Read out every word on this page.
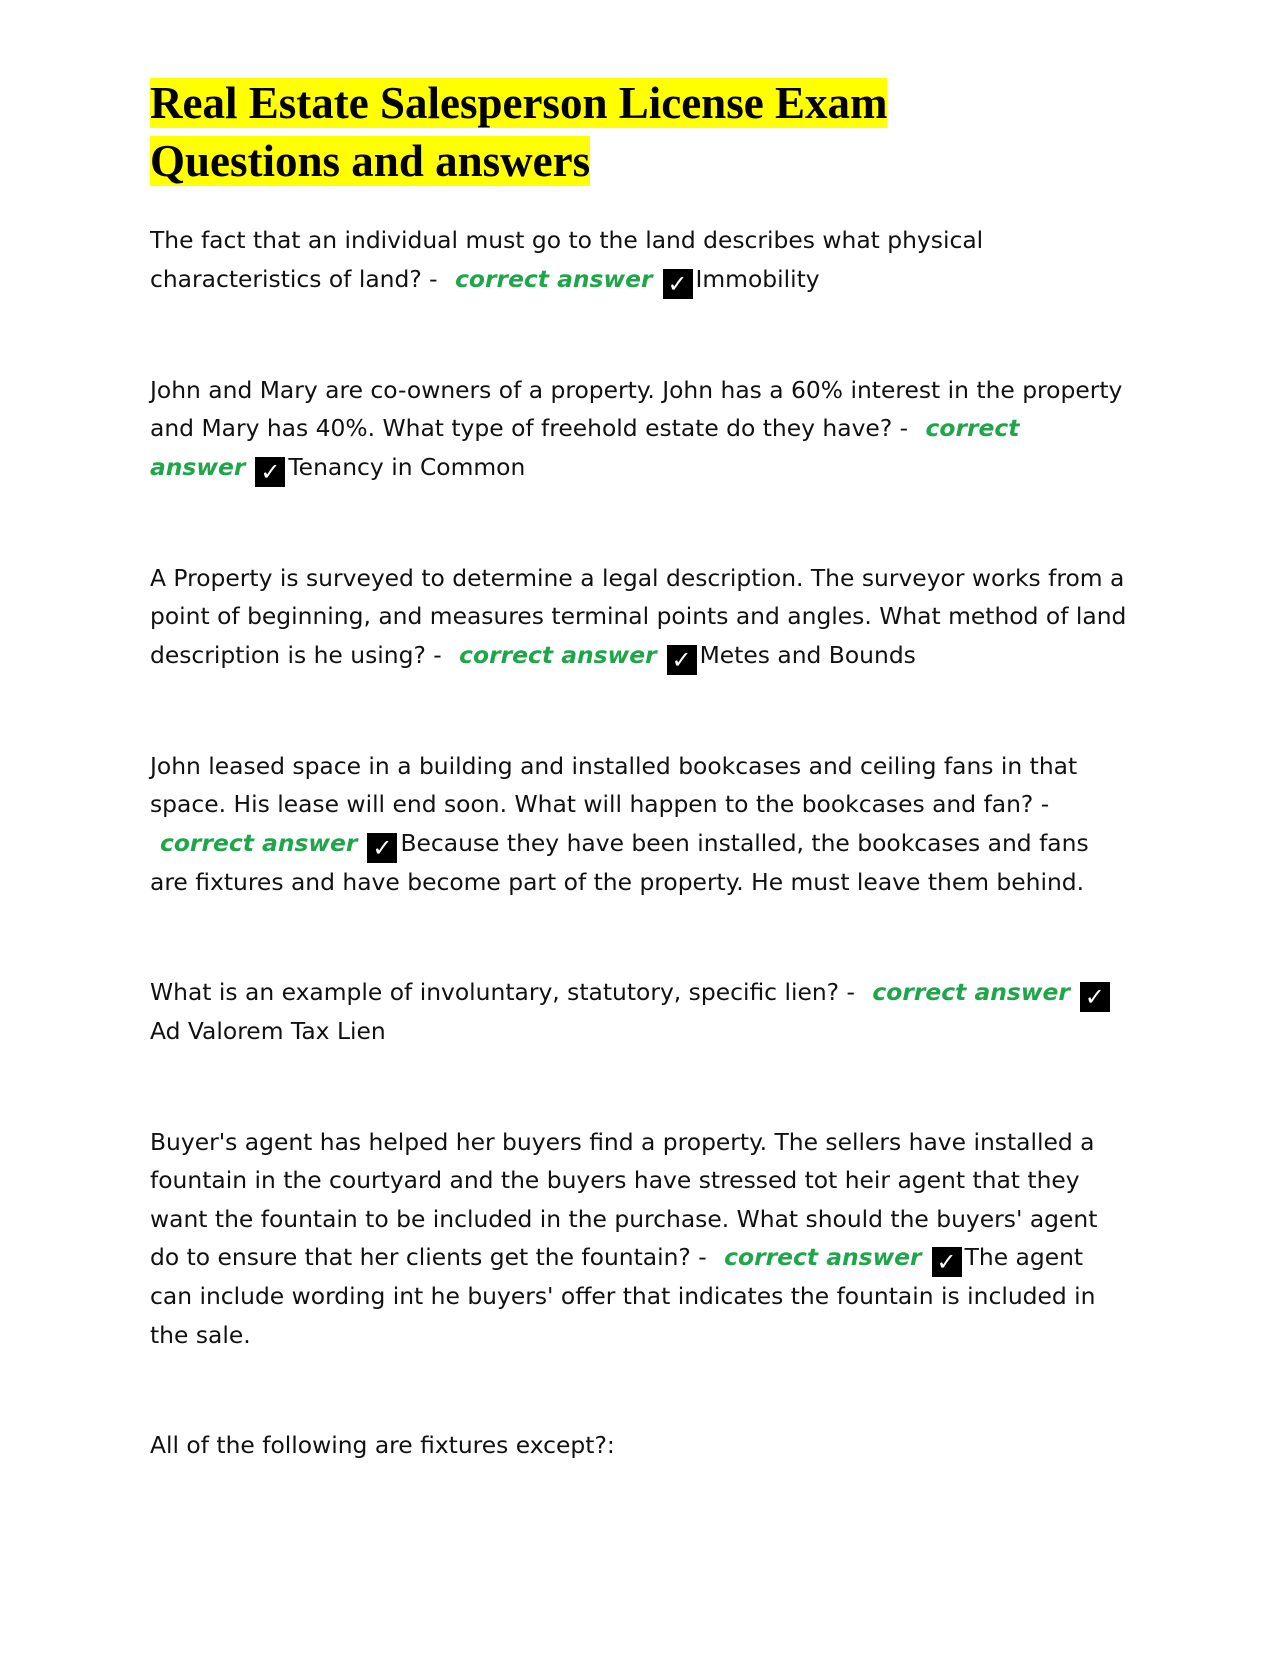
Real Estate Salesperson License Exam
Questions and answers

The fact that an individual must go to the land describes what physical characteristics of land? - correct answer ✓ Immobility

John and Mary are co-owners of a property. John has a 60% interest in the property and Mary has 40%. What type of freehold estate do they have? - correct answer ✓ Tenancy in Common

A Property is surveyed to determine a legal description. The surveyor works from a point of beginning, and measures terminal points and angles. What method of land description is he using? - correct answer ✓ Metes and Bounds

John leased space in a building and installed bookcases and ceiling fans in that space. His lease will end soon. What will happen to the bookcases and fan? - correct answer ✓ Because they have been installed, the bookcases and fans are fixtures and have become part of the property. He must leave them behind.

What is an example of involuntary, statutory, specific lien? - correct answer ✓Ad Valorem Tax Lien

Buyer's agent has helped her buyers find a property. The sellers have installed a fountain in the courtyard and the buyers have stressed tot heir agent that they want the fountain to be included in the purchase. What should the buyers' agent do to ensure that her clients get the fountain? - correct answer ✓ The agent can include wording int he buyers' offer that indicates the fountain is included in the sale.

All of the following are fixtures except?:
